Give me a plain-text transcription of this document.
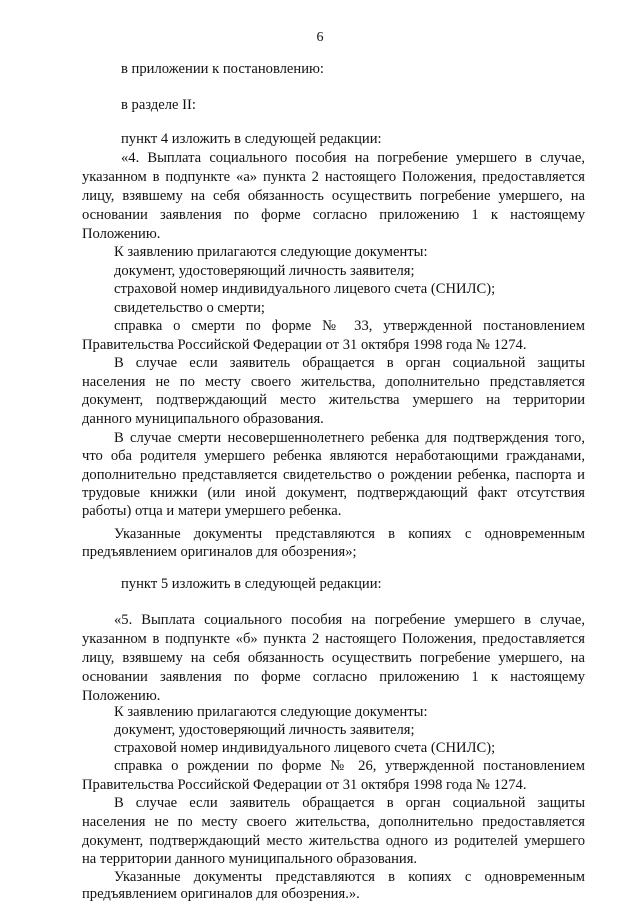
6
в приложении к постановлению:
в разделе II:
пункт 4 изложить в следующей редакции:
«4. Выплата социального пособия на погребение умершего в случае,
указанном в подпункте «а» пункта 2 настоящего Положения, предоставляется
лицу, взявшему на себя обязанность осуществить погребение умершего, на
основании заявления по форме согласно приложению 1 к настоящему
Положению.
К заявлению прилагаются следующие документы:
документ, удостоверяющий личность заявителя;
страховой номер индивидуального лицевого счета (СНИЛС);
свидетельство о смерти;
справка о смерти по форме № 33, утвержденной постановлением
Правительства Российской Федерации от 31 октября 1998 года № 1274.
В случае если заявитель обращается в орган социальной защиты
населения не по месту своего жительства, дополнительно представляется
документ, подтверждающий место жительства умершего на территории
данного муниципального образования.
В случае смерти несовершеннолетнего ребенка для подтверждения того,
что оба родителя умершего ребенка являются неработающими гражданами,
дополнительно представляется свидетельство о рождении ребенка, паспорта и
трудовые книжки (или иной документ, подтверждающий факт отсутствия
работы) отца и матери умершего ребенка.
Указанные документы представляются в копиях с одновременным
предъявлением оригиналов для обозрения»;
пункт 5 изложить в следующей редакции:
«5. Выплата социального пособия на погребение умершего в случае,
указанном в подпункте «б» пункта 2 настоящего Положения, предоставляется
лицу, взявшему на себя обязанность осуществить погребение умершего, на
основании заявления по форме согласно приложению 1 к настоящему
Положению.
К заявлению прилагаются следующие документы:
документ, удостоверяющий личность заявителя;
страховой номер индивидуального лицевого счета (СНИЛС);
справка о рождении по форме № 26, утвержденной постановлением
Правительства Российской Федерации от 31 октября 1998 года № 1274.
В случае если заявитель обращается в орган социальной защиты
населения не по месту своего жительства, дополнительно предоставляется
документ, подтверждающий место жительства одного из родителей умершего
на территории данного муниципального образования.
Указанные документы представляются в копиях с одновременным
предъявлением оригиналов для обозрения.».
